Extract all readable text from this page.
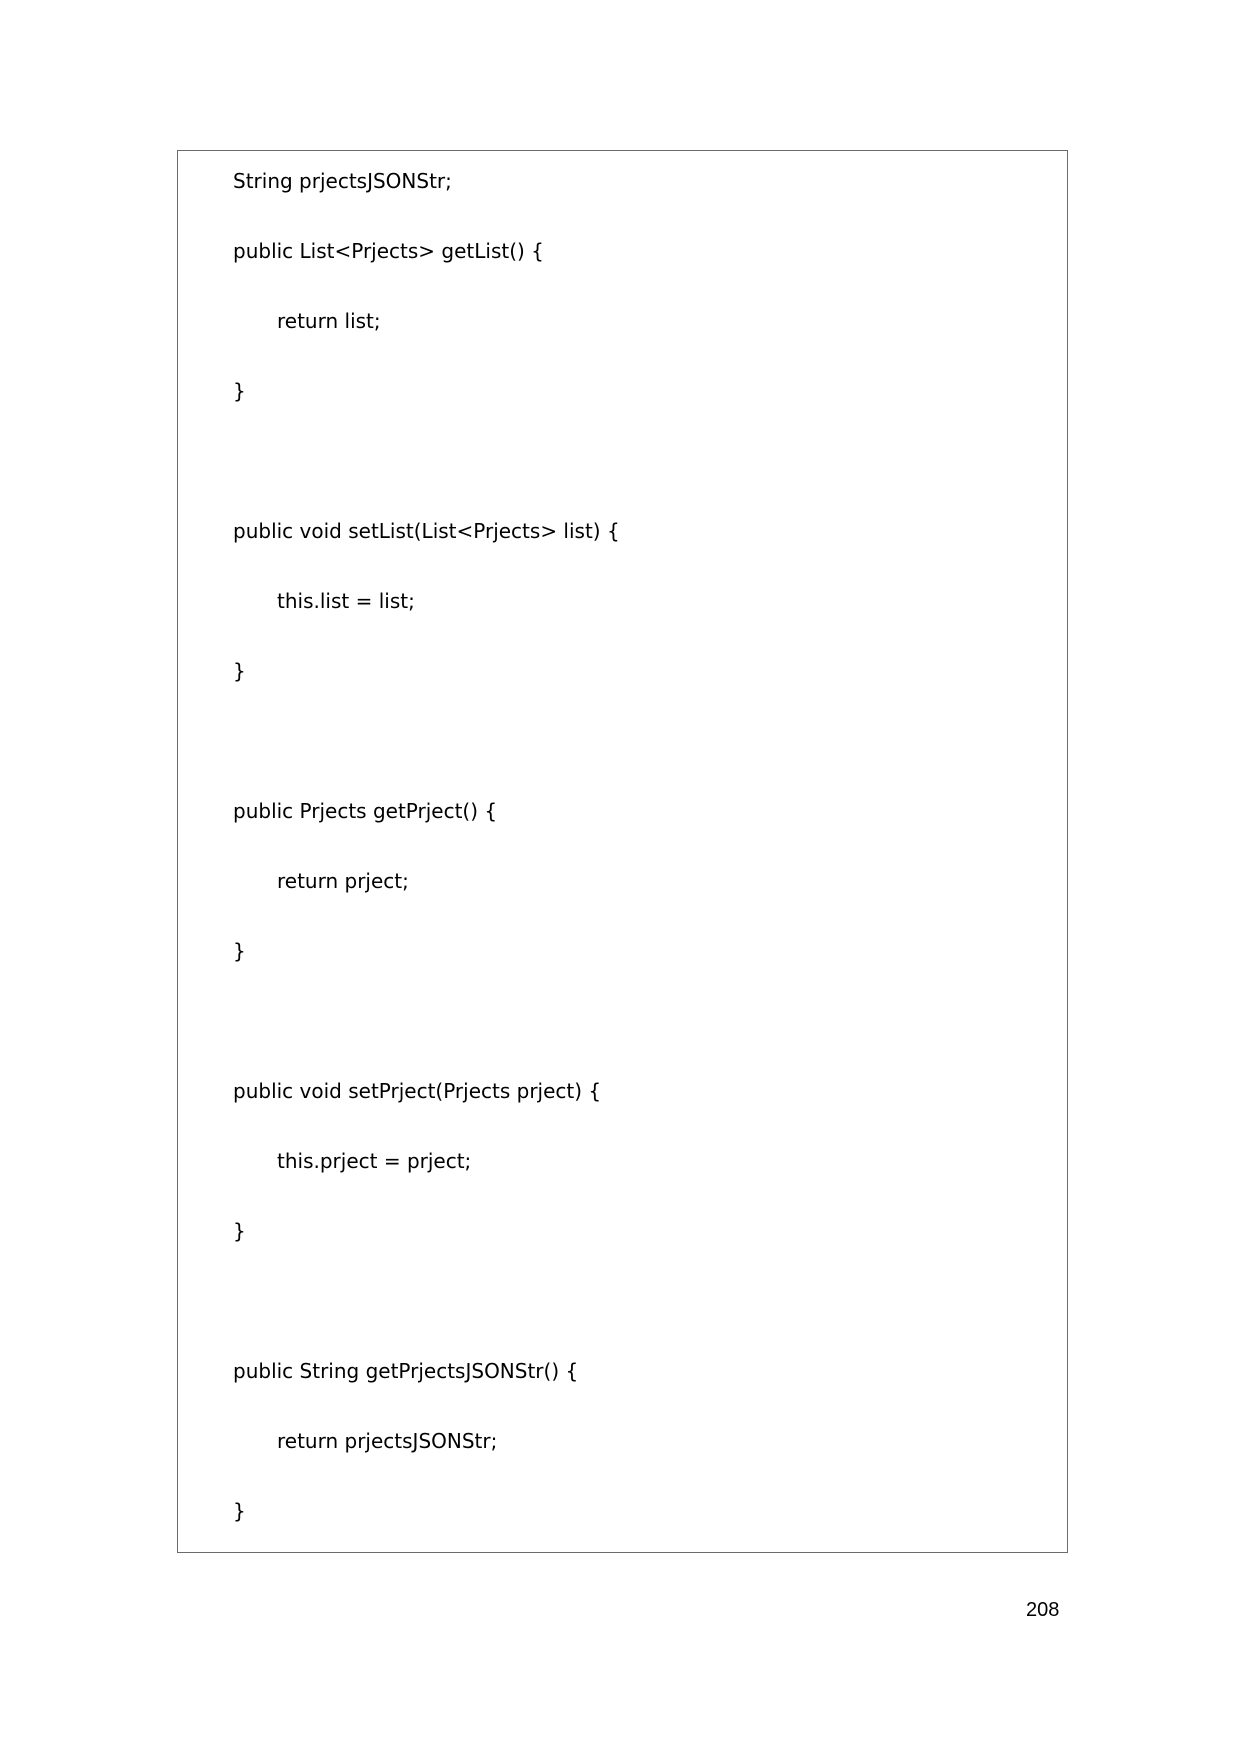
String prjectsJSONStr;

public List<Prjects> getList() {

return list;

}

public void setList(List<Prjects> list) {

this.list = list;

}

public Prjects getPrject() {

return prject;

}

public void setPrject(Prjects prject) {

this.prject = prject;

}

public String getPrjectsJSONStr() {

return prjectsJSONStr;

}

208
